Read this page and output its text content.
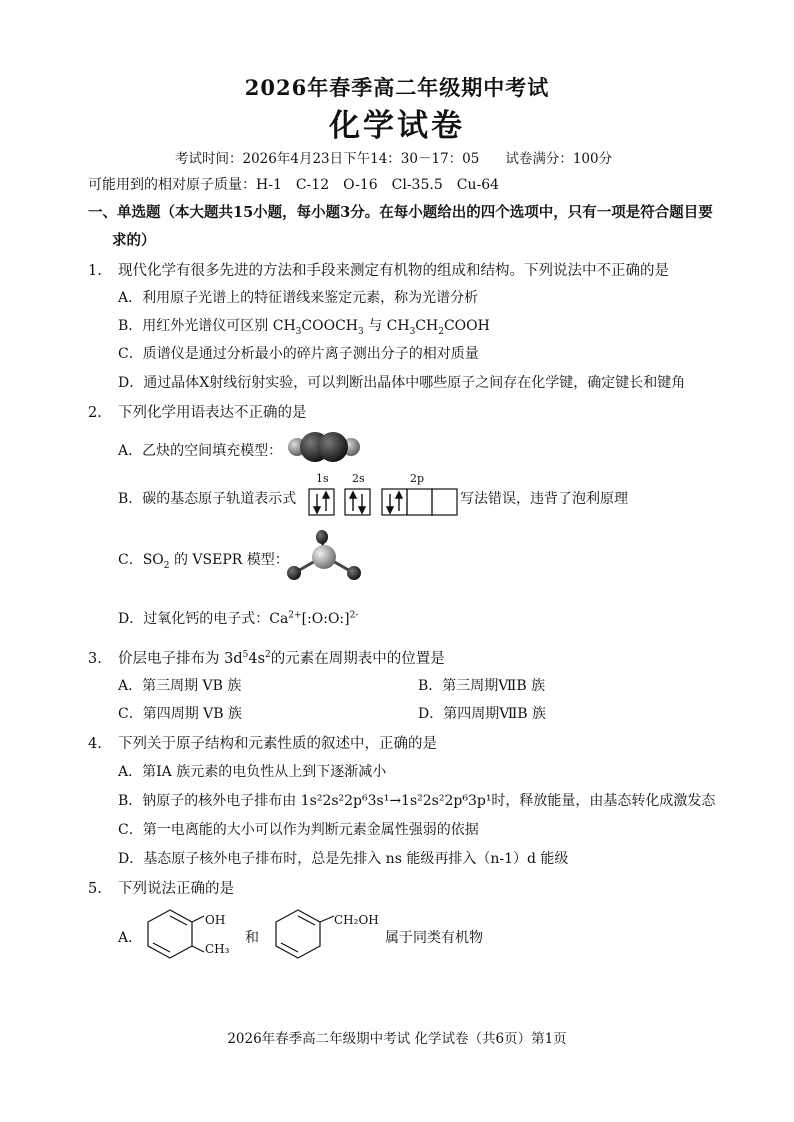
2026年春季高二年级期中考试
化学试卷
考试时间：2026年4月23日下午14：30－17：05 试卷满分：100分
可能用到的相对原子质量：H-1　C-12　O-16　Cl-35.5　Cu-64
一、单选题（本大题共15小题，每小题3分。在每小题给出的四个选项中，只有一项是符合题目要
求的）
1. 现代化学有很多先进的方法和手段来测定有机物的组成和结构。下列说法中不正确的是
A．利用原子光谱上的特征谱线来鉴定元素，称为光谱分析
B．用红外光谱仪可区别 $CH_3COOCH_3$ 与 $CH_3CH_2COOH$
C．质谱仪是通过分析最小的碎片离子测出分子的相对质量
D．通过晶体X射线衍射实验，可以判断出晶体中哪些原子之间存在化学键，确定键长和键角
2. 下列化学用语表达不正确的是
A．乙炔的空间填充模型：
B．碳的基态原子轨道表示式
1s 2s	2p
写法错误，违背了泡利原理
C．$SO_2$ 的 VSEPR 模型：
D．过氧化钙的电子式：$Ca^{2+}[:O:O:]^{2-}$
3. 价层电子排布为 $3d^54s^2$的元素在周期表中的位置是
A．第三周期 VB 族	B．第三周期ⅦB 族
C．第四周期 VB 族	D．第四周期ⅦB 族
4. 下列关于原子结构和元素性质的叙述中，正确的是
A．第ⅠA 族元素的电负性从上到下逐渐减小
B．钠原子的核外电子排布由 1s²2s²2p⁶3s¹→1s²2s²2p⁶3p¹时，释放能量，由基态转化成激发态
C．第一电离能的大小可以作为判断元素金属性强弱的依据
D．基态原子核外电子排布时，总是先排入 ns 能级再排入（n-1）d 能级
5. 下列说法正确的是
A．
OH
CH₃
和
CH₂OH
属于同类有机物
2026年春季高二年级期中考试 化学试卷（共6页）第1页
